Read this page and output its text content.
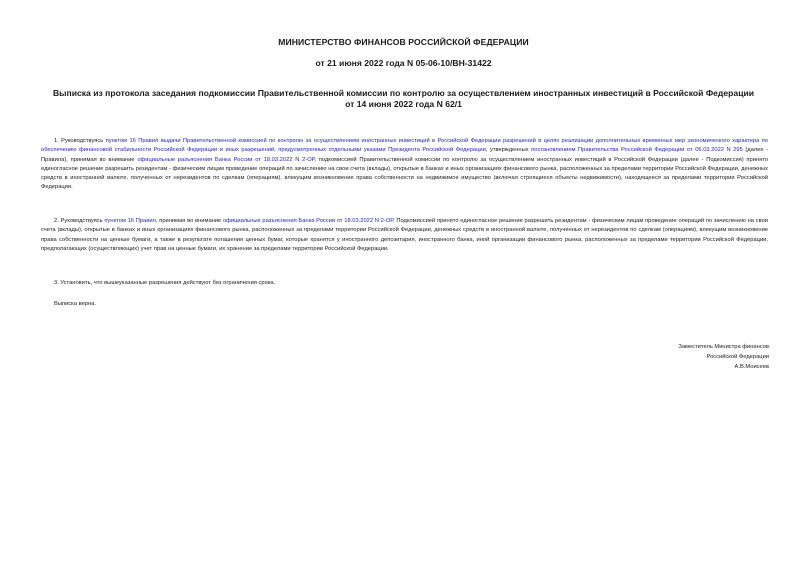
МИНИСТЕРСТВО ФИНАНСОВ РОССИЙСКОЙ ФЕДЕРАЦИИ
от 21 июня 2022 года N 05-06-10/ВН-31422
Выписка из протокола заседания подкомиссии Правительственной комиссии по контролю за осуществлением иностранных инвестиций в Российской Федерации
от 14 июня 2022 года N 62/1

1. Руководствуясь пунктом 16 Правил выдачи Правительственной комиссией по контролю за осуществлением иностранных инвестиций в Российской Федерации разрешений в целях реализации дополнительных временных мер экономического характера по обеспечению финансовой стабильности Российской Федерации и иных разрешений, предусмотренных отдельными указами Президента Российской Федерации, утвержденных постановлением Правительства Российской Федерации от 06.03.2022 N 295 (далее - Правила), принимая во внимание официальные разъяснения Банка России от 18.03.2022 N 2-ОР, подкомиссией Правительственной комиссии по контролю за осуществлением иностранных инвестиций в Российской Федерации (далее - Подкомиссия) принято единогласное решение разрешить резидентам - физическим лицам проведение операций по зачислению на свои счета (вклады), открытые в банках и иных организациях финансового рынка, расположенных за пределами территории Российской Федерации, денежных средств в иностранной валюте, полученных от нерезидентов по сделкам (операциям), влекущим возникновение права собственности на недвижимое имущество (включая строящиеся объекты недвижимости), находящееся за пределами территории Российской Федерации.

2. Руководствуясь пунктом 16 Правил, принимая во внимание официальные разъяснения Банка России от 18.03.2022 N 2-ОР, Подкомиссией принято единогласное решение разрешить резидентам - физическим лицам проведение операций по зачислению на свои счета (вклады), открытые в банках и иных организациях финансового рынка, расположенных за пределами территории Российской Федерации, денежных средств в иностранной валюте, полученных от нерезидентов по сделкам (операциям), влекущим возникновение права собственности на ценные бумаги, а также в результате погашения ценных бумаг, которые хранятся у иностранного депозитария, иностранного банка, иной организации финансового рынка, расположенных за пределами территории Российской Федерации, предполагающих (осуществляющих) учет прав на ценные бумаги, их хранение за пределами территории Российской Федерации.

3. Установить, что вышеуказанные разрешения действуют без ограничения срока.

Выписка верна.

Заместитель Министра финансов
Российской Федерации
А.В.Моисеев
